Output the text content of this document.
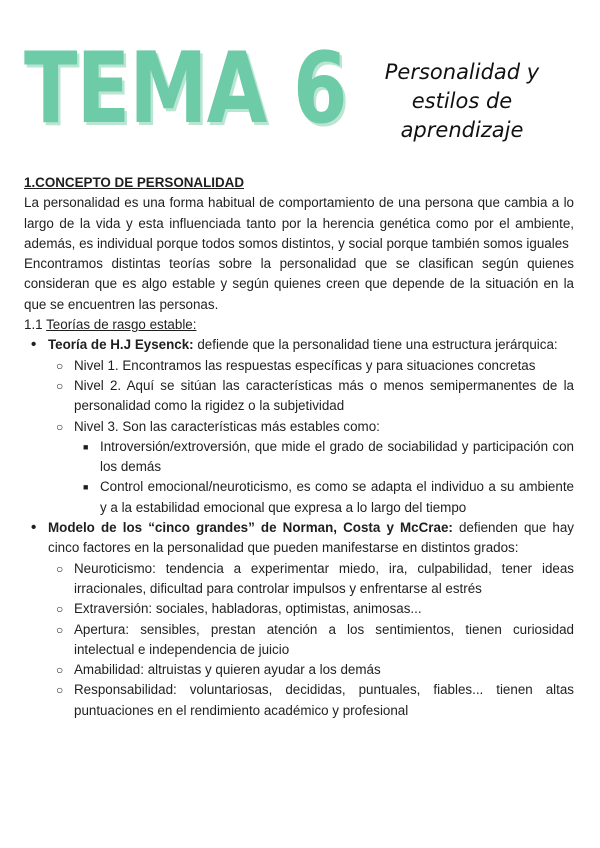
TEMA 6	Personalidad y
estilos de
aprendizaje

1.CONCEPTO DE PERSONALIDAD

La personalidad es una forma habitual de comportamiento de una persona que cambia a lo largo de la vida y esta influenciada tanto por la herencia genética como por el ambiente, además, es individual porque todos somos distintos, y social porque también somos iguales

Encontramos distintas teorías sobre la personalidad que se clasifican según quienes consideran que es algo estable y según quienes creen que depende de la situación en la que se encuentren las personas.

1.1 Teorías de rasgo estable:

• Teoría de H.J Eysenck: defiende que la personalidad tiene una estructura jerárquica:
○ Nivel 1. Encontramos las respuestas específicas y para situaciones concretas
○ Nivel 2. Aquí se sitúan las características más o menos semipermanentes de la personalidad como la rigidez o la subjetividad
○ Nivel 3. Son las características más estables como:
■ Introversión/extroversión, que mide el grado de sociabilidad y participación con los demás
■ Control emocional/neuroticismo, es como se adapta el individuo a su ambiente y a la estabilidad emocional que expresa a lo largo del tiempo
• Modelo de los “cinco grandes” de Norman, Costa y McCrae: defienden que hay cinco factores en la personalidad que pueden manifestarse en distintos grados:
○ Neuroticismo: tendencia a experimentar miedo, ira, culpabilidad, tener ideas irracionales, dificultad para controlar impulsos y enfrentarse al estrés
○ Extraversión: sociales, habladoras, optimistas, animosas...
○ Apertura: sensibles, prestan atención a los sentimientos, tienen curiosidad intelectual e independencia de juicio
○ Amabilidad: altruistas y quieren ayudar a los demás
○ Responsabilidad: voluntariosas, decididas, puntuales, fiables... tienen altas puntuaciones en el rendimiento académico y profesional
